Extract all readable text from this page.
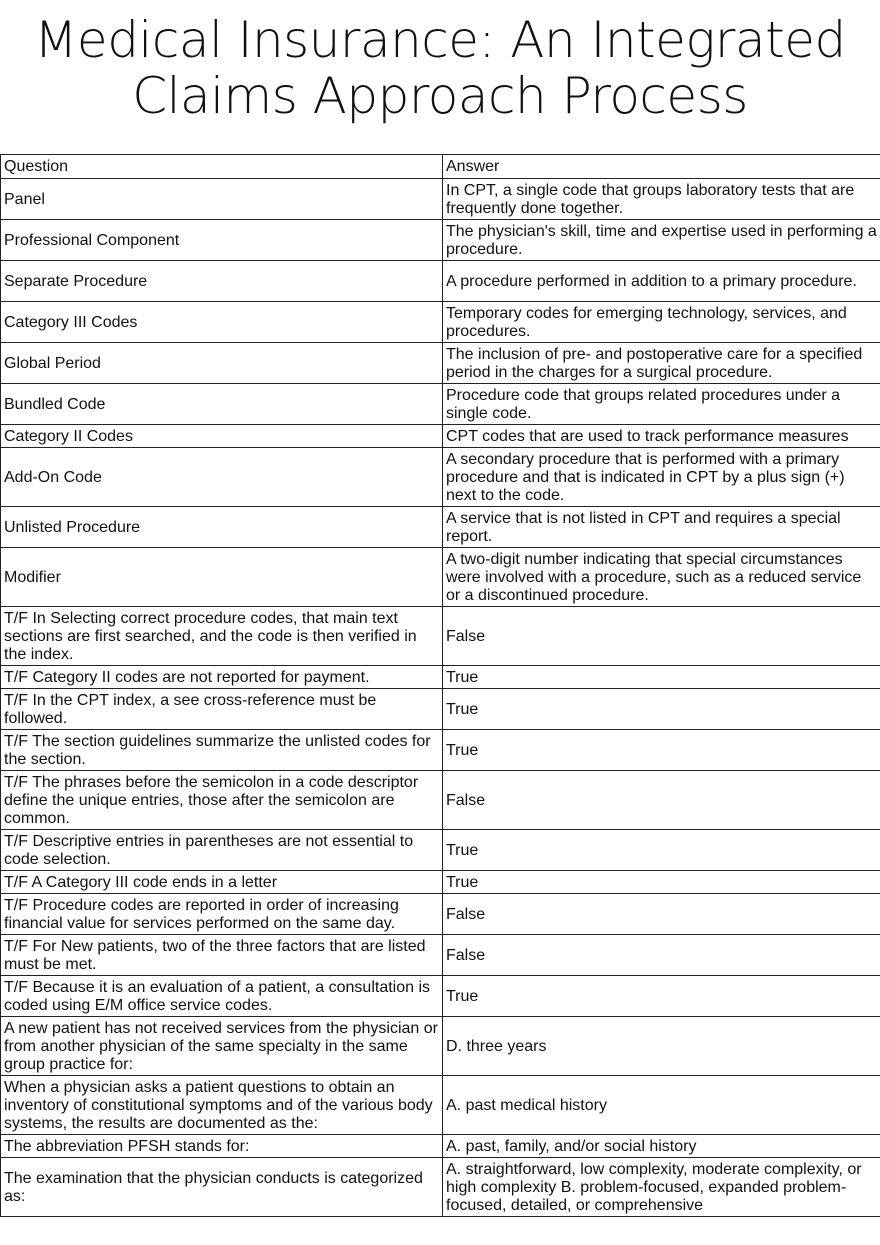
Medical Insurance: An Integrated
Claims Approach Process
Question	Answer
Panel	In CPT, a single code that groups laboratory tests that are frequently done together.
Professional Component	The physician's skill, time and expertise used in performing a procedure.
Separate Procedure	A procedure performed in addition to a primary procedure.
Category III Codes	Temporary codes for emerging technology, services, and procedures.
Global Period	The inclusion of pre- and postoperative care for a specified period in the charges for a surgical procedure.
Bundled Code	Procedure code that groups related procedures under a single code.
Category II Codes	CPT codes that are used to track performance measures
Add-On Code	A secondary procedure that is performed with a primary procedure and that is indicated in CPT by a plus sign (+) next to the code.
Unlisted Procedure	A service that is not listed in CPT and requires a special report.
Modifier	A two-digit number indicating that special circumstances were involved with a procedure, such as a reduced service or a discontinued procedure.
T/F In Selecting correct procedure codes, that main text sections are first searched, and the code is then verified in the index.	False
T/F Category II codes are not reported for payment.	True
T/F In the CPT index, a see cross-reference must be followed.	True
T/F The section guidelines summarize the unlisted codes for the section.	True
T/F The phrases before the semicolon in a code descriptor define the unique entries, those after the semicolon are common.	False
T/F Descriptive entries in parentheses are not essential to code selection.	True
T/F A Category III code ends in a letter	True
T/F Procedure codes are reported in order of increasing financial value for services performed on the same day.	False
T/F For New patients, two of the three factors that are listed must be met.	False
T/F Because it is an evaluation of a patient, a consultation is coded using E/M office service codes.	True
A new patient has not received services from the physician or from another physician of the same specialty in the same group practice for:	D. three years
When a physician asks a patient questions to obtain an inventory of constitutional symptoms and of the various body systems, the results are documented as the:	A. past medical history
The abbreviation PFSH stands for:	A. past, family, and/or social history
The examination that the physician conducts is categorized as:	A. straightforward, low complexity, moderate complexity, or high complexity B. problem-focused, expanded problem-focused, detailed, or comprehensive
